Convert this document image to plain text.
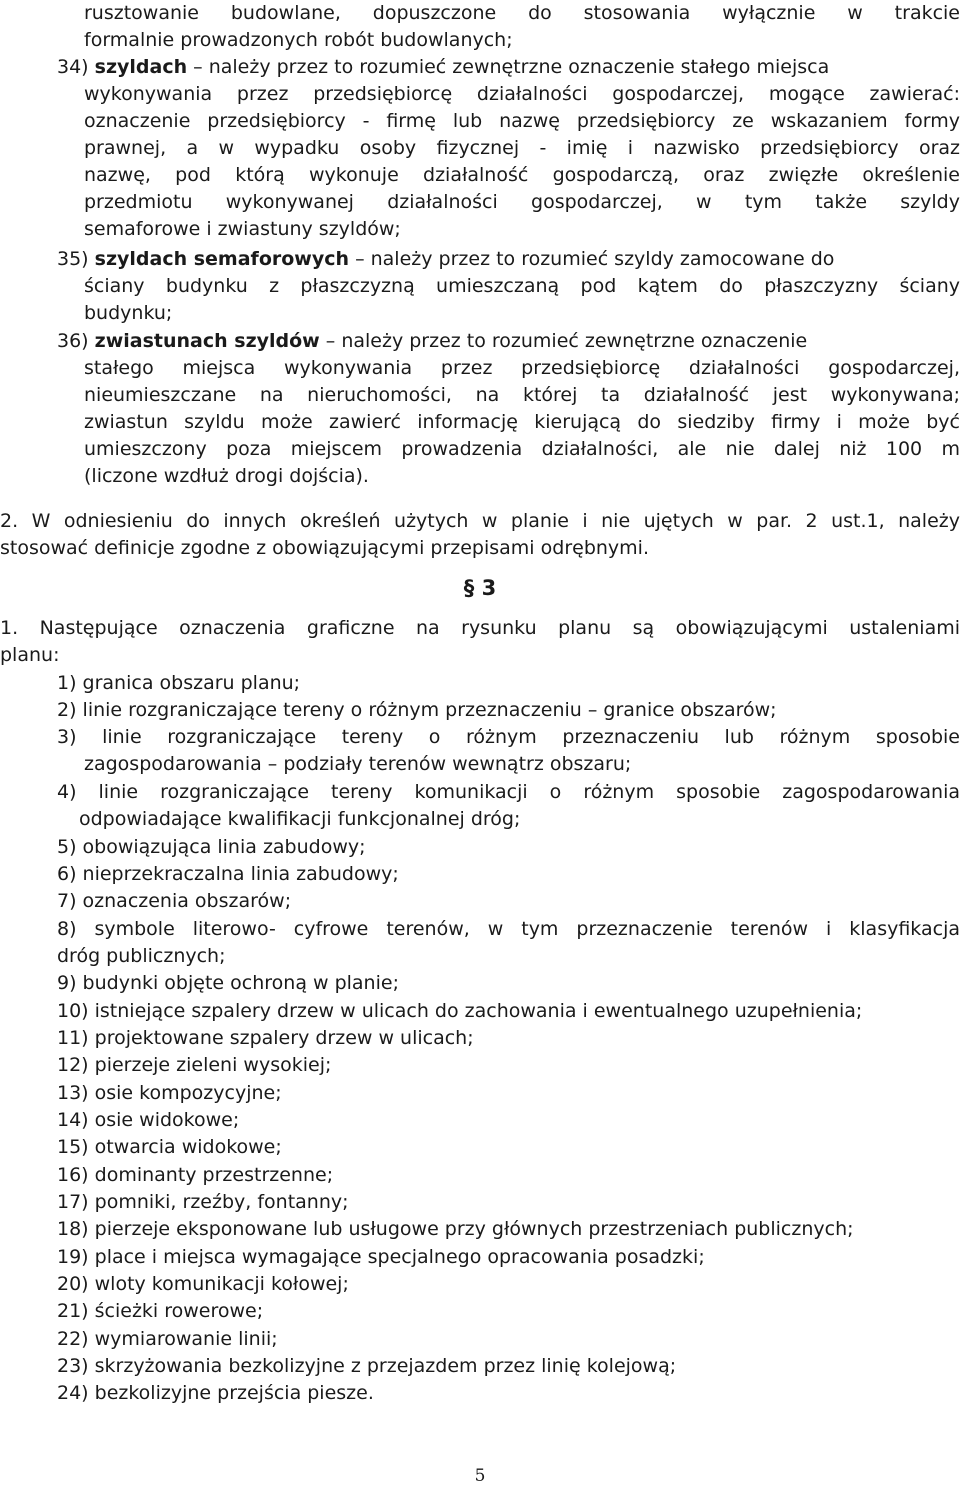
rusztowanie budowlane, dopuszczone do stosowania wyłącznie w trakcie
formalnie prowadzonych robót budowlanych;
34) szyldach – należy przez to rozumieć zewnętrzne oznaczenie stałego miejsca
wykonywania przez przedsiębiorcę działalności gospodarczej, mogące zawierać:
oznaczenie przedsiębiorcy - firmę lub nazwę przedsiębiorcy ze wskazaniem formy
prawnej, a w wypadku osoby fizycznej - imię i nazwisko przedsiębiorcy oraz
nazwę, pod którą wykonuje działalność gospodarczą, oraz zwięzłe określenie
przedmiotu wykonywanej działalności gospodarczej, w tym także szyldy
semaforowe i zwiastuny szyldów;
35) szyldach semaforowych – należy przez to rozumieć szyldy zamocowane do
ściany budynku z płaszczyzną umieszczaną pod kątem do płaszczyzny ściany
budynku;
36) zwiastunach szyldów – należy przez to rozumieć zewnętrzne oznaczenie
stałego miejsca wykonywania przez przedsiębiorcę działalności gospodarczej,
nieumieszczane na nieruchomości, na której ta działalność jest wykonywana;
zwiastun szyldu może zawierć informację kierującą do siedziby firmy i może być
umieszczony poza miejscem prowadzenia działalności, ale nie dalej niż 100 m
(liczone wzdłuż drogi dojścia).
2. W odniesieniu do innych określeń użytych w planie i nie ujętych w par. 2 ust.1, należy
stosować definicje zgodne z obowiązującymi przepisami odrębnymi.
§ 3
1. Następujące oznaczenia graficzne na rysunku planu są obowiązującymi ustaleniami
planu:
1) granica obszaru planu;
2) linie rozgraniczające tereny o różnym przeznaczeniu – granice obszarów;
3) linie rozgraniczające tereny o różnym przeznaczeniu lub różnym sposobie
zagospodarowania – podziały terenów wewnątrz obszaru;
4) linie rozgraniczające tereny komunikacji o różnym sposobie zagospodarowania
odpowiadające kwalifikacji funkcjonalnej dróg;
5) obowiązująca linia zabudowy;
6) nieprzekraczalna linia zabudowy;
7) oznaczenia obszarów;
8) symbole literowo- cyfrowe terenów, w tym przeznaczenie terenów i klasyfikacja
dróg publicznych;
9) budynki objęte ochroną w planie;
10) istniejące szpalery drzew w ulicach do zachowania i ewentualnego uzupełnienia;
11) projektowane szpalery drzew w ulicach;
12) pierzeje zieleni wysokiej;
13) osie kompozycyjne;
14) osie widokowe;
15) otwarcia widokowe;
16) dominanty przestrzenne;
17) pomniki, rzeźby, fontanny;
18) pierzeje eksponowane lub usługowe przy głównych przestrzeniach publicznych;
19) place i miejsca wymagające specjalnego opracowania posadzki;
20) wloty komunikacji kołowej;
21) ścieżki rowerowe;
22) wymiarowanie linii;
23) skrzyżowania bezkolizyjne z przejazdem przez linię kolejową;
24) bezkolizyjne przejścia piesze.
5
